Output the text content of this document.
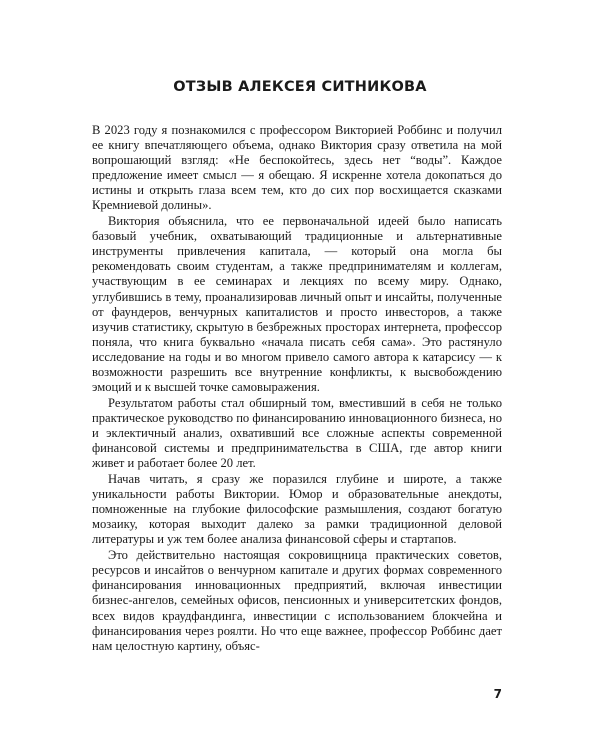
ОТЗЫВ АЛЕКСЕЯ СИТНИКОВА

В 2023 году я познакомился с профессором Викторией Роббинс и получил ее книгу впечатляющего объема, однако Виктория сразу ответила на мой вопрошающий взгляд: «Не беспокойтесь, здесь нет “воды”. Каждое предложение имеет смысл — я обещаю. Я искренне хотела докопаться до истины и открыть глаза всем тем, кто до сих пор восхищается сказками Кремниевой долины».

Виктория объяснила, что ее первоначальной идеей было написать базовый учебник, охватывающий традиционные и альтернативные инструменты привлечения капитала, — который она могла бы рекомендовать своим студентам, а также предпринимателям и коллегам, участвующим в ее семинарах и лекциях по всему миру. Однако, углубившись в тему, проанализировав личный опыт и инсайты, полученные от фаундеров, венчурных капиталистов и просто инвесторов, а также изучив статистику, скрытую в безбрежных просторах интернета, профессор поняла, что книга буквально «начала писать себя сама». Это растянуло исследование на годы и во многом привело самого автора к катарсису — к возможности разрешить все внутренние конфликты, к высвобождению эмоций и к высшей точке самовыражения.

Результатом работы стал обширный том, вместивший в себя не только практическое руководство по финансированию инновационного бизнеса, но и эклектичный анализ, охвативший все сложные аспекты современной финансовой системы и предпринимательства в США, где автор книги живет и работает более 20 лет.

Начав читать, я сразу же поразился глубине и широте, а также уникальности работы Виктории. Юмор и образовательные анекдоты, помноженные на глубокие философские размышления, создают богатую мозаику, которая выходит далеко за рамки традиционной деловой литературы и уж тем более анализа финансовой сферы и стартапов.

Это действительно настоящая сокровищница практических советов, ресурсов и инсайтов о венчурном капитале и других формах современного финансирования инновационных предприятий, включая инвестиции бизнес-ангелов, семейных офисов, пенсионных и университетских фондов, всех видов краудфандинга, инвестиции с использованием блокчейна и финансирования через роялти. Но что еще важнее, профессор Роббинс дает нам целостную картину, объяс-

7
